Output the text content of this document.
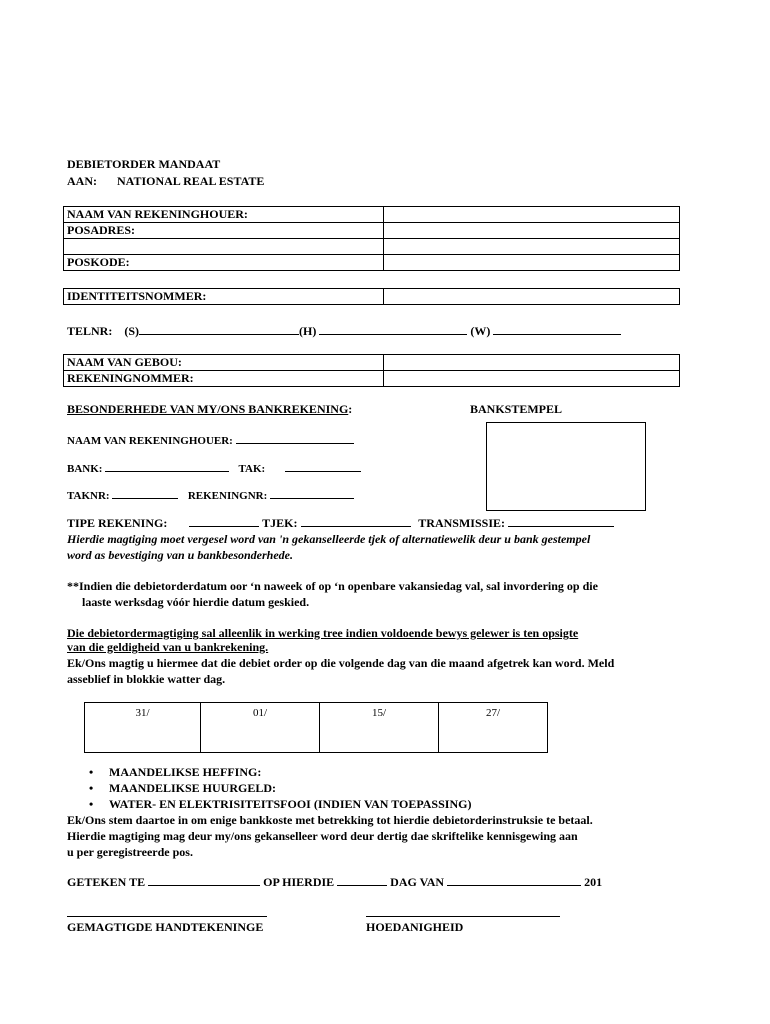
DEBIETORDER MANDAAT
AAN: NATIONAL REAL ESTATE
NAAM VAN REKENINGHOUER:	
POSADRES:	

POSKODE:	
IDENTITEITSNOMMER:	
TELNR: (S)	(H)	(W)
NAAM VAN GEBOU:	
REKENINGNOMMER:	
BESONDERHEDE VAN MY/ONS BANKREKENING:	BANKSTEMPEL
NAAM VAN REKENINGHOUER:
BANK:	TAK:
TAKNR:	REKENINGNR:
TIPE REKENING:	TJEK:	TRANSMISSIE:
Hierdie magtiging moet vergesel word van 'n gekanselleerde tjek of alternatiewelik deur u bank gestempel
word as bevestiging van u bankbesonderhede.
**Indien die debietorderdatum oor ‘n naweek of op ‘n openbare vakansiedag val, sal invordering op die
laaste werksdag vóór hierdie datum geskied.
Die debietordermagtiging sal alleenlik in werking tree indien voldoende bewys gelewer is ten opsigte
van die geldigheid van u bankrekening.
Ek/Ons magtig u hiermee dat die debiet order op die volgende dag van die maand afgetrek kan word. Meld
asseblief in blokkie watter dag.
31/	01/	15/	27/
• MAANDELIKSE HEFFING:
• MAANDELIKSE HUURGELD:
• WATER- EN ELEKTRISITEITSFOOI (INDIEN VAN TOEPASSING)
Ek/Ons stem daartoe in om enige bankkoste met betrekking tot hierdie debietorderinstruksie te betaal.
Hierdie magtiging mag deur my/ons gekanselleer word deur dertig dae skriftelike kennisgewing aan
u per geregistreerde pos.
GETEKEN TE	OP HIERDIE	DAG VAN	201
GEMAGTIGDE HANDTEKENINGE	HOEDANIGHEID
